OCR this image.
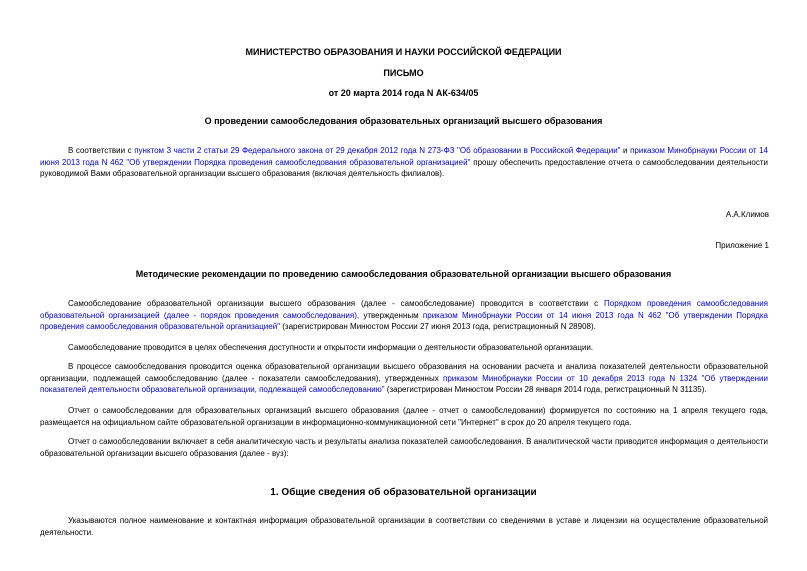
МИНИСТЕРСТВО ОБРАЗОВАНИЯ И НАУКИ РОССИЙСКОЙ ФЕДЕРАЦИИ
ПИСЬМО
от 20 марта 2014 года N АК-634/05
О проведении самообследования образовательных организаций высшего образования
В соответствии с пунктом 3 части 2 статьи 29 Федерального закона от 29 декабря 2012 года N 273-ФЗ "Об образовании в Российской Федерации" и приказом Минобрнауки России от 14 июня 2013 года N 462 "Об утверждении Порядка проведения самообследования образовательной организацией" прошу обеспечить предоставление отчета о самообследовании деятельности руководимой Вами образовательной организации высшего образования (включая деятельность филиалов).
А.А.Климов
Приложение 1
Методические рекомендации по проведению самообследования образовательной организации высшего образования
Самообследование образовательной организации высшего образования (далее - самообследование) проводится в соответствии с Порядком проведения самообследования образовательной организацией (далее - порядок проведения самообследования), утвержденным приказом Минобрнауки России от 14 июня 2013 года N 462 "Об утверждении Порядка проведения самообследования образовательной организацией" (зарегистрирован Минюстом России 27 июня 2013 года, регистрационный N 28908).
Самообследование проводится в целях обеспечения доступности и открытости информации о деятельности образовательной организации.
В процессе самообследования проводится оценка образовательной организации высшего образования на основании расчета и анализа показателей деятельности образовательной организации, подлежащей самообследованию (далее - показатели самообследования), утвержденных приказом Минобрнауки России от 10 декабря 2013 года N 1324 "Об утверждении показателей деятельности образовательной организации, подлежащей самообследованию" (зарегистрирован Минюстом России 28 января 2014 года, регистрационный N 31135).
Отчет о самообследовании для образовательных организаций высшего образования (далее - отчет о самообследовании) формируется по состоянию на 1 апреля текущего года, размещается на официальном сайте образовательной организации в информационно-коммуникационной сети "Интернет" в срок до 20 апреля текущего года.
Отчет о самообследовании включает в себя аналитическую часть и результаты анализа показателей самообследования. В аналитической части приводится информация о деятельности образовательной организации высшего образования (далее - вуз):
1. Общие сведения об образовательной организации
Указываются полное наименование и контактная информация образовательной организации в соответствии со сведениями в уставе и лицензии на осуществление образовательной деятельности.
